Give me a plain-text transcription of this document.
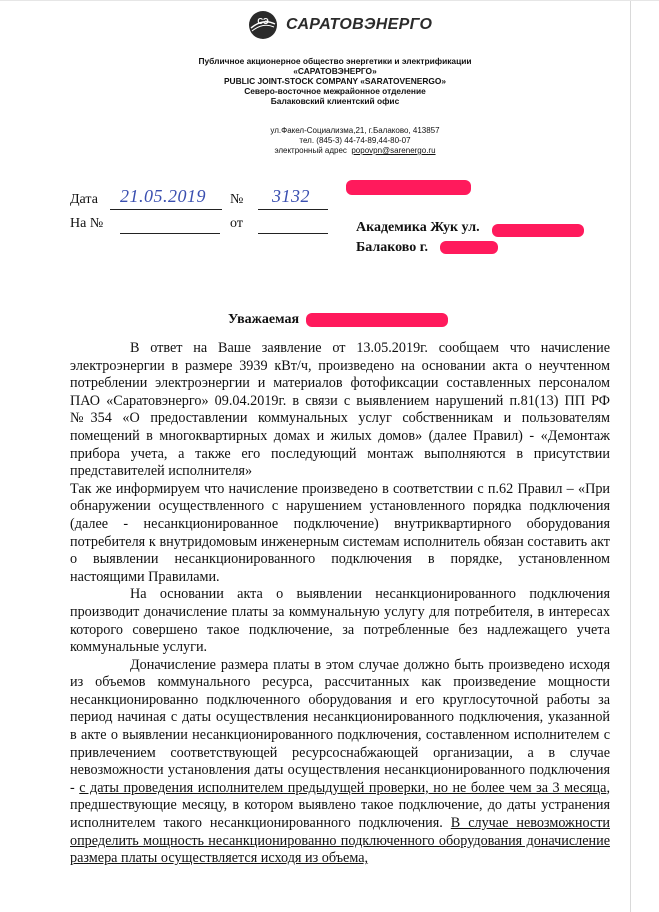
СЭ САРАТОВЭНЕРГО
Публичное акционерное общество энергетики и электрификации
«САРАТОВЭНЕРГО»
PUBLIC JOINT-STOCK COMPANY «SARATOVENERGO»
Северо-восточное межрайонное отделение
Балаковский клиентский офис
ул.Факел-Социализма,21, г.Балаково, 413857
тел. (845-3) 44-74-89,44-80-07
электронный адрес popovpn@sarenergo.ru
Дата 21.05.2019 № 3132
На №	от	Академика Жук ул.
Балаково г.
Уважаемая

В ответ на Ваше заявление от 13.05.2019г. сообщаем что начисление электроэнергии в размере 3939 кВт/ч, произведено на основании акта о неучтенном потреблении электроэнергии и материалов фотофиксации составленных персоналом ПАО «Саратовэнерго» 09.04.2019г. в связи с выявлением нарушений п.81(13) ПП РФ №354 «О предоставлении коммунальных услуг собственникам и пользователям помещений в многоквартирных домах и жилых домов» (далее Правил) - «Демонтаж прибора учета, а также его последующий монтаж выполняются в присутствии представителей исполнителя»

Так же информируем что начисление произведено в соответствии с п.62 Правил – «При обнаружении осуществленного с нарушением установленного порядка подключения (далее - несанкционированное подключение) внутриквартирного оборудования потребителя к внутридомовым инженерным системам исполнитель обязан составить акт о выявлении несанкционированного подключения в порядке, установленном настоящими Правилами.

На основании акта о выявлении несанкционированного подключения производит доначисление платы за коммунальную услугу для потребителя, в интересах которого совершено такое подключение, за потребленные без надлежащего учета коммунальные услуги.

Доначисление размера платы в этом случае должно быть произведено исходя из объемов коммунального ресурса, рассчитанных как произведение мощности несанкционированно подключенного оборудования и его круглосуточной работы за период начиная с даты осуществления несанкционированного подключения, указанной в акте о выявлении несанкционированного подключения, составленном исполнителем с привлечением соответствующей ресурсоснабжающей организации, а в случае невозможности установления даты осуществления несанкционированного подключения - с даты проведения исполнителем предыдущей проверки, но не более чем за 3 месяца, предшествующие месяцу, в котором выявлено такое подключение, до даты устранения исполнителем такого несанкционированного подключения. В случае невозможности определить мощность несанкционированно подключенного оборудования доначисление размера платы осуществляется исходя из объема,
